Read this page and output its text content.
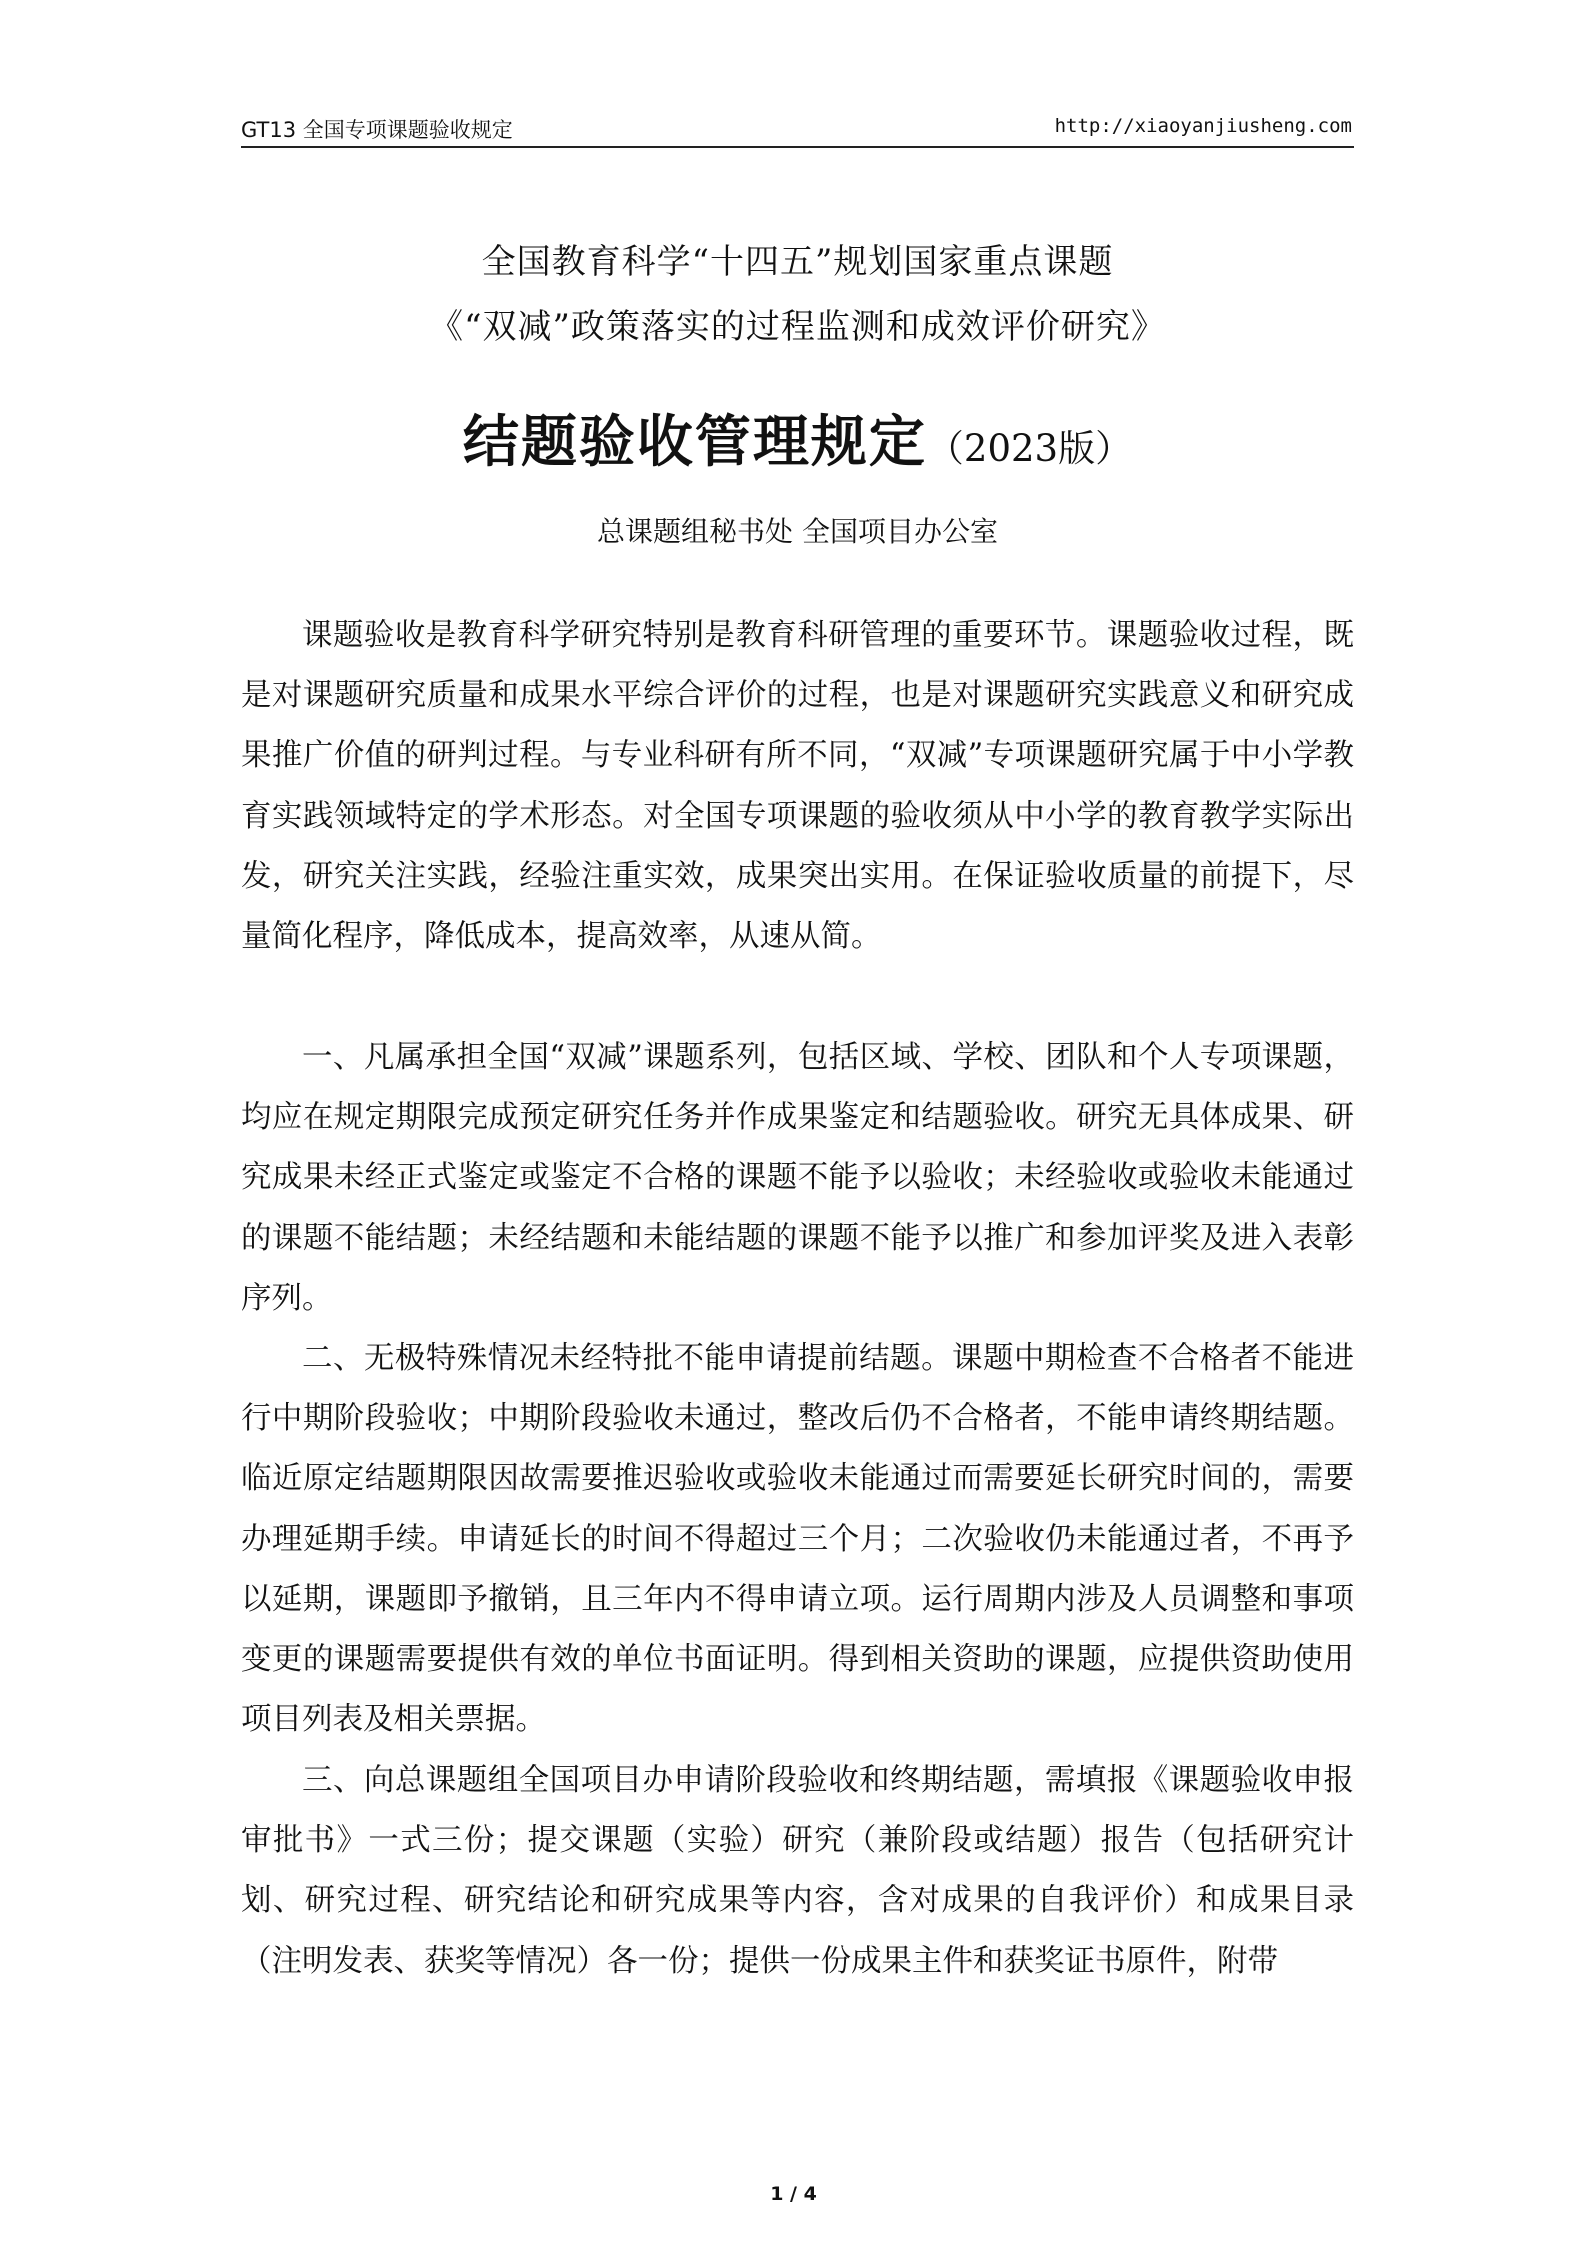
GT13 全国专项课题验收规定	http://xiaoyanjiusheng.com
全国教育科学“十四五”规划国家重点课题
《“双减”政策落实的过程监测和成效评价研究》
结题验收管理规定（2023版）
总课题组秘书处 全国项目办公室

课题验收是教育科学研究特别是教育科研管理的重要环节。课题验收过程，既是对课题研究质量和成果水平综合评价的过程，也是对课题研究实践意义和研究成果推广价值的研判过程。与专业科研有所不同，“双减”专项课题研究属于中小学教育实践领域特定的学术形态。对全国专项课题的验收须从中小学的教育教学实际出发，研究关注实践，经验注重实效，成果突出实用。在保证验收质量的前提下，尽量简化程序，降低成本，提高效率，从速从简。

一、凡属承担全国“双减”课题系列，包括区域、学校、团队和个人专项课题，均应在规定期限完成预定研究任务并作成果鉴定和结题验收。研究无具体成果、研究成果未经正式鉴定或鉴定不合格的课题不能予以验收；未经验收或验收未能通过的课题不能结题；未经结题和未能结题的课题不能予以推广和参加评奖及进入表彰序列。

二、无极特殊情况未经特批不能申请提前结题。课题中期检查不合格者不能进行中期阶段验收；中期阶段验收未通过，整改后仍不合格者，不能申请终期结题。临近原定结题期限因故需要推迟验收或验收未能通过而需要延长研究时间的，需要办理延期手续。申请延长的时间不得超过三个月；二次验收仍未能通过者，不再予以延期，课题即予撤销，且三年内不得申请立项。运行周期内涉及人员调整和事项变更的课题需要提供有效的单位书面证明。得到相关资助的课题，应提供资助使用项目列表及相关票据。

三、向总课题组全国项目办申请阶段验收和终期结题，需填报《课题验收申报审批书》一式三份；提交课题（实验）研究（兼阶段或结题）报告（包括研究计划、研究过程、研究结论和研究成果等内容，含对成果的自我评价）和成果目录（注明发表、获奖等情况）各一份；提供一份成果主件和获奖证书原件，附带

1 / 4
